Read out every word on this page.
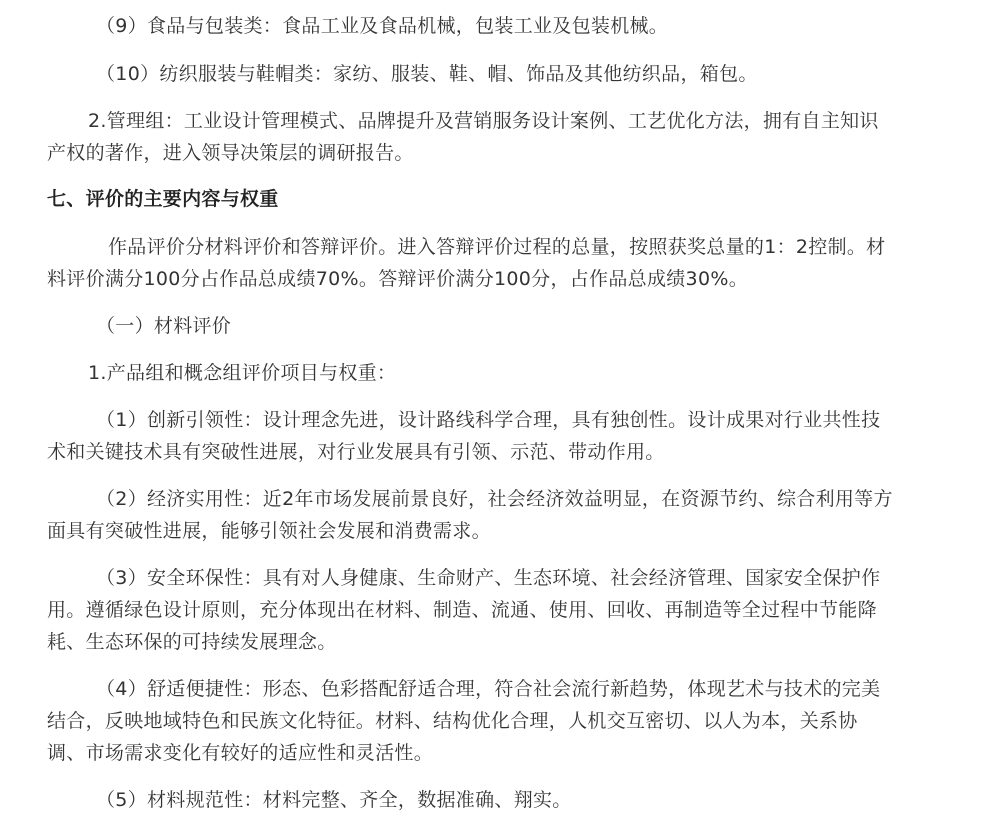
（9）食品与包装类：食品工业及食品机械，包装工业及包装机械。

（10）纺织服装与鞋帽类：家纺、服装、鞋、帽、饰品及其他纺织品，箱包。

2.管理组：工业设计管理模式、品牌提升及营销服务设计案例、工艺优化方法，拥有自主知识
产权的著作，进入领导决策层的调研报告。

七、评价的主要内容与权重

作品评价分材料评价和答辩评价。进入答辩评价过程的总量，按照获奖总量的1：2控制。材
料评价满分100分占作品总成绩70%。答辩评价满分100分，占作品总成绩30%。

（一）材料评价

1.产品组和概念组评价项目与权重：

（1）创新引领性：设计理念先进，设计路线科学合理，具有独创性。设计成果对行业共性技
术和关键技术具有突破性进展，对行业发展具有引领、示范、带动作用。

（2）经济实用性：近2年市场发展前景良好，社会经济效益明显，在资源节约、综合利用等方
面具有突破性进展，能够引领社会发展和消费需求。

（3）安全环保性：具有对人身健康、生命财产、生态环境、社会经济管理、国家安全保护作
用。遵循绿色设计原则，充分体现出在材料、制造、流通、使用、回收、再制造等全过程中节能降
耗、生态环保的可持续发展理念。

（4）舒适便捷性：形态、色彩搭配舒适合理，符合社会流行新趋势，体现艺术与技术的完美
结合，反映地域特色和民族文化特征。材料、结构优化合理，人机交互密切、以人为本，关系协
调、市场需求变化有较好的适应性和灵活性。

（5）材料规范性：材料完整、齐全，数据准确、翔实。
